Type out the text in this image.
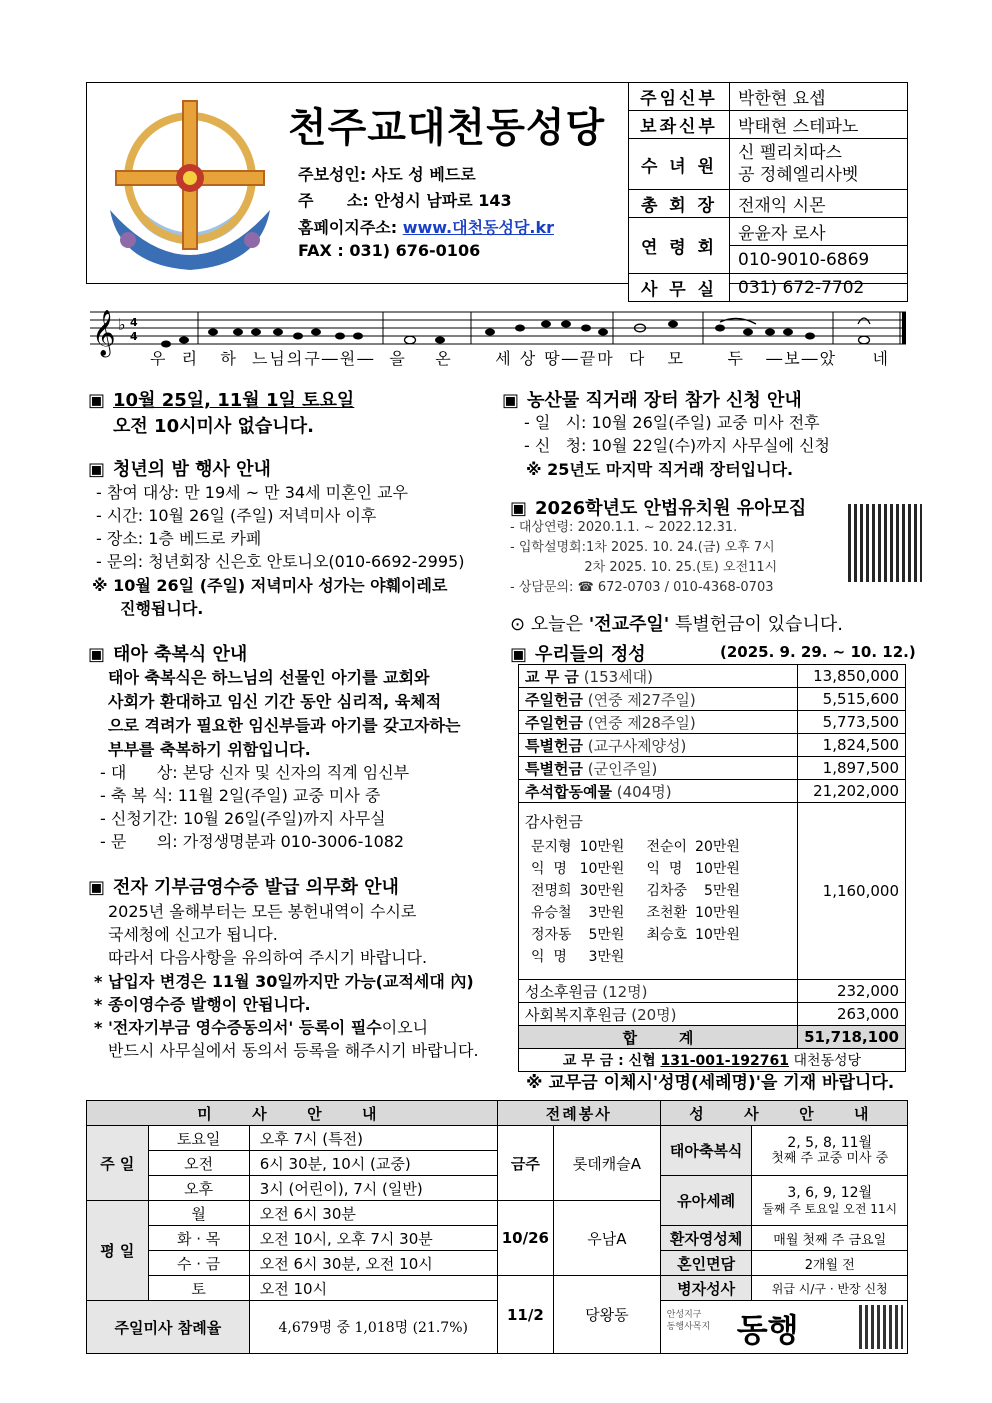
천주교대천동성당
주보성인: 사도 성 베드로
주      소: 안성시 남파로 143
홈페이지주소: www.대천동성당.kr
FAX : 031) 676-0106
주임신부	박한현 요셉
보좌신부	박태현 스테파노
수 녀 원	신 펠리치따스
공 정혜엘리사벳

총 회 장	전재익 시몬
연 령 회	윤윤자 로사
	010-9010-6869
사 무 실	031) 672-7702
𝄞 ♭ 4
4
우  리   하  느님의구―원―  을    온      세 상 땅―끝마  다   모      두   ―보―았     네
▣ 10월 25일, 11월 1일 토요일
오전 10시미사 없습니다.
▣ 청년의 밤 행사 안내
- 참여 대상: 만 19세 ~ 만 34세 미혼인 교우
- 시간: 10월 26일 (주일) 저녁미사 이후
- 장소: 1층 베드로 카페
- 문의: 청년회장 신은호 안토니오(010-6692-2995)
※ 10월 26일 (주일) 저녁미사 성가는 야훼이레로
진행됩니다.
▣ 태아 축복식 안내
태아 축복식은 하느님의 선물인 아기를 교회와
사회가 환대하고 임신 기간 동안 심리적, 육체적
으로 격려가 필요한 임신부들과 아기를 갖고자하는
부부를 축복하기 위함입니다.
- 대      상: 본당 신자 및 신자의 직계 임신부
- 축 복 식: 11월 2일(주일) 교중 미사 중
- 신청기간: 10월 26일(주일)까지 사무실
- 문      의: 가정생명분과 010-3006-1082
▣ 전자 기부금영수증 발급 의무화 안내
2025년 올해부터는 모든 봉헌내역이 수시로
국세청에 신고가 됩니다.
따라서 다음사항을 유의하여 주시기 바랍니다.
* 납입자 변경은 11월 30일까지만 가능(교적세대 內)
* 종이영수증 발행이 안됩니다.
* '전자기부금 영수증동의서' 등록이 필수이오니
반드시 사무실에서 동의서 등록을 해주시기 바랍니다.
▣ 농산물 직거래 장터 참가 신청 안내
- 일   시: 10월 26일(주일) 교중 미사 전후
- 신   청: 10월 22일(수)까지 사무실에 신청
※ 25년도 마지막 직거래 장터입니다.
▣ 2026학년도 안법유치원 유아모집
- 대상연령: 2020.1.1. ~ 2022.12.31.
- 입학설명회:1차 2025. 10. 24.(금) 오후 7시
2차 2025. 10. 25.(토) 오전11시
- 상담문의: ☎ 672-0703 / 010-4368-0703
⊙ 오늘은 '전교주일' 특별헌금이 있습니다.
▣ 우리들의 정성	(2025. 9. 29. ~ 10. 12.)
교 무 금 (153세대)	13,850,000
주일헌금 (연중 제27주일)	5,515,600
주일헌금 (연중 제28주일)	5,773,500
특별헌금 (교구사제양성)	1,824,500
특별헌금 (군인주일)	1,897,500
추석합동예물 (404명)	21,202,000

감사헌금
문지형	10만원	전순이	20만원
익  명	10만원	익  명	10만원
전명희	30만원	김차중	5만원
유승철	3만원	조천환	10만원
정자동	5만원	최승호	10만원
익  명	3만원		
	1,160,000
성소후원금 (12명)	232,000
사회복지후원금 (20명)	263,000
합        계	51,718,100
교 무 금 : 신협 131-001-192761 대천동성당
※ 교무금 이체시'성명(세례명)'을 기재 바랍니다.
미  사  안  내			전례봉사		성  사  안  내	
주 일	토요일	오후 7시 (특전)	금주	롯데캐슬A	태아축복식	2, 5, 8, 11월
첫째 주 교중 미사 중

	오전	6시 30분, 10시 (교중)				
	오후	3시 (어린이), 7시 (일반)			유아세례	3, 6, 9, 12월
둘째 주 토요일 오전 11시

평 일	월	오전 6시 30분	10/26	우남A		
	화 · 목	오전 10시, 오후 7시 30분			환자영성체	매월 첫째 주 금요일
	수 · 금	오전 6시 30분, 오전 10시			혼인면담	2개월 전
	토	오전 10시	11/2	당왕동	병자성사	위급 시/구 · 반장 신청
주일미사 참례율		4,679명 중 1,018명 (21.7%)			안성지구
동행사목지 동행	
